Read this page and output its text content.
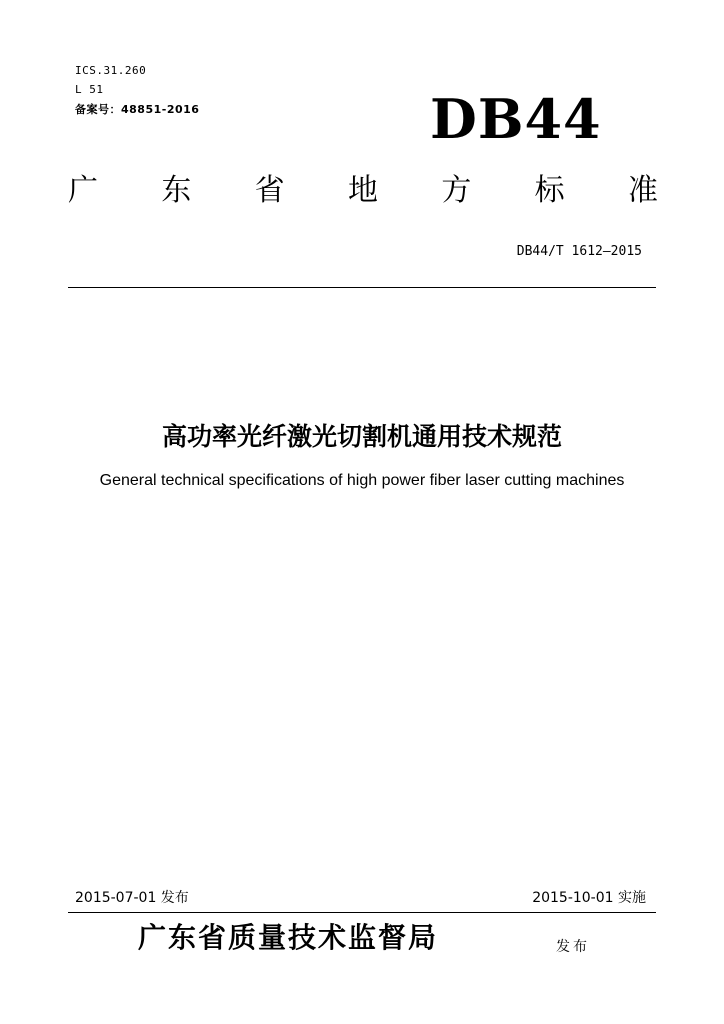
ICS.31.260
L 51
备案号：48851-2016	DB44
广 东 省 地 方 标 准
DB44/T 1612—2015
高功率光纤激光切割机通用技术规范
General technical specifications of high power fiber laser cutting machines
2015-07-01 发布	2015-10-01 实施
广东省质量技术监督局	发布
